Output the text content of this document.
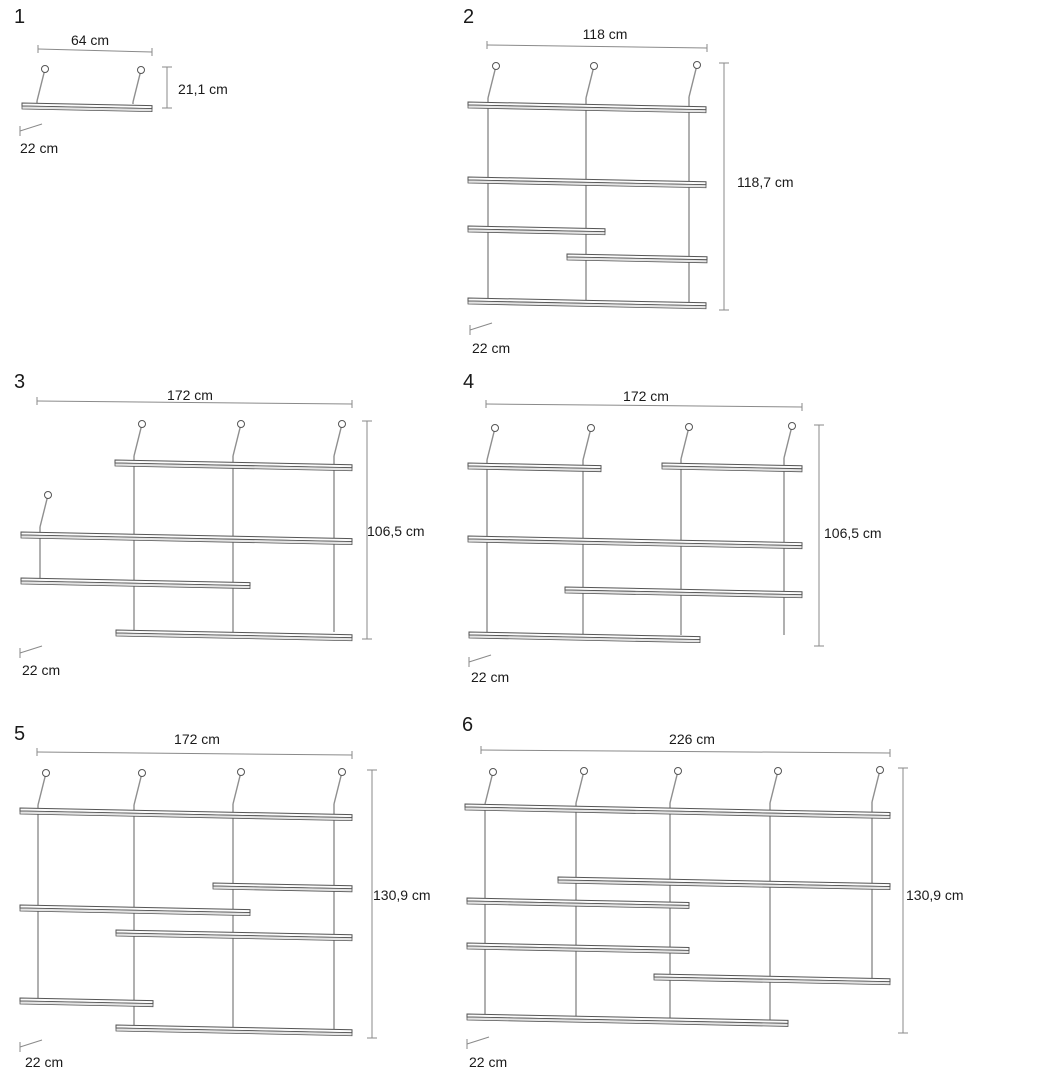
1
64 cm
21,1 cm
22 cm
2
118 cm
118,7 cm
22 cm
3
172 cm
106,5 cm
22 cm
4
172 cm
106,5 cm
22 cm
5	172 cm
130,9 cm
22 cm
6
226 cm
130,9 cm
22 cm
